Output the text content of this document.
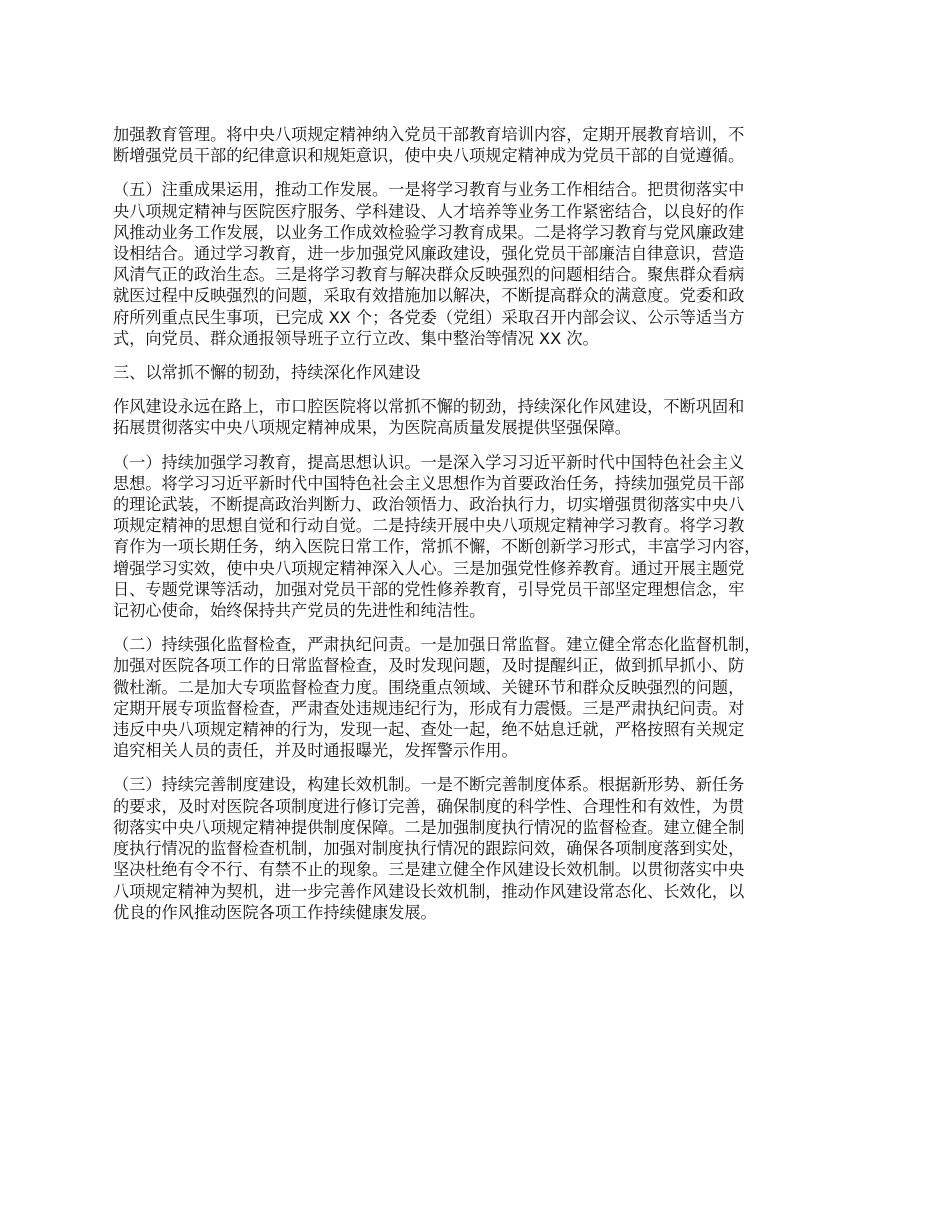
加强教育管理。将中央八项规定精神纳入党员干部教育培训内容，定期开展教育培训，不
断增强党员干部的纪律意识和规矩意识，使中央八项规定精神成为党员干部的自觉遵循。
（五）注重成果运用，推动工作发展。一是将学习教育与业务工作相结合。把贯彻落实中
央八项规定精神与医院医疗服务、学科建设、人才培养等业务工作紧密结合，以良好的作
风推动业务工作发展，以业务工作成效检验学习教育成果。二是将学习教育与党风廉政建
设相结合。通过学习教育，进一步加强党风廉政建设，强化党员干部廉洁自律意识，营造
风清气正的政治生态。三是将学习教育与解决群众反映强烈的问题相结合。聚焦群众看病
就医过程中反映强烈的问题，采取有效措施加以解决，不断提高群众的满意度。党委和政
府所列重点民生事项，已完成 XX 个；各党委（党组）采取召开内部会议、公示等适当方
式，向党员、群众通报领导班子立行立改、集中整治等情况 XX 次。
三、以常抓不懈的韧劲，持续深化作风建设
作风建设永远在路上，市口腔医院将以常抓不懈的韧劲，持续深化作风建设，不断巩固和
拓展贯彻落实中央八项规定精神成果，为医院高质量发展提供坚强保障。
（一）持续加强学习教育，提高思想认识。一是深入学习习近平新时代中国特色社会主义
思想。将学习习近平新时代中国特色社会主义思想作为首要政治任务，持续加强党员干部
的理论武装，不断提高政治判断力、政治领悟力、政治执行力，切实增强贯彻落实中央八
项规定精神的思想自觉和行动自觉。二是持续开展中央八项规定精神学习教育。将学习教
育作为一项长期任务，纳入医院日常工作，常抓不懈，不断创新学习形式，丰富学习内容，
增强学习实效，使中央八项规定精神深入人心。三是加强党性修养教育。通过开展主题党
日、专题党课等活动，加强对党员干部的党性修养教育，引导党员干部坚定理想信念，牢
记初心使命，始终保持共产党员的先进性和纯洁性。
（二）持续强化监督检查，严肃执纪问责。一是加强日常监督。建立健全常态化监督机制，
加强对医院各项工作的日常监督检查，及时发现问题，及时提醒纠正，做到抓早抓小、防
微杜渐。二是加大专项监督检查力度。围绕重点领域、关键环节和群众反映强烈的问题，
定期开展专项监督检查，严肃查处违规违纪行为，形成有力震慑。三是严肃执纪问责。对
违反中央八项规定精神的行为，发现一起、查处一起，绝不姑息迁就，严格按照有关规定
追究相关人员的责任，并及时通报曝光，发挥警示作用。
（三）持续完善制度建设，构建长效机制。一是不断完善制度体系。根据新形势、新任务
的要求，及时对医院各项制度进行修订完善，确保制度的科学性、合理性和有效性，为贯
彻落实中央八项规定精神提供制度保障。二是加强制度执行情况的监督检查。建立健全制
度执行情况的监督检查机制，加强对制度执行情况的跟踪问效，确保各项制度落到实处，
坚决杜绝有令不行、有禁不止的现象。三是建立健全作风建设长效机制。以贯彻落实中央
八项规定精神为契机，进一步完善作风建设长效机制，推动作风建设常态化、长效化，以
优良的作风推动医院各项工作持续健康发展。
